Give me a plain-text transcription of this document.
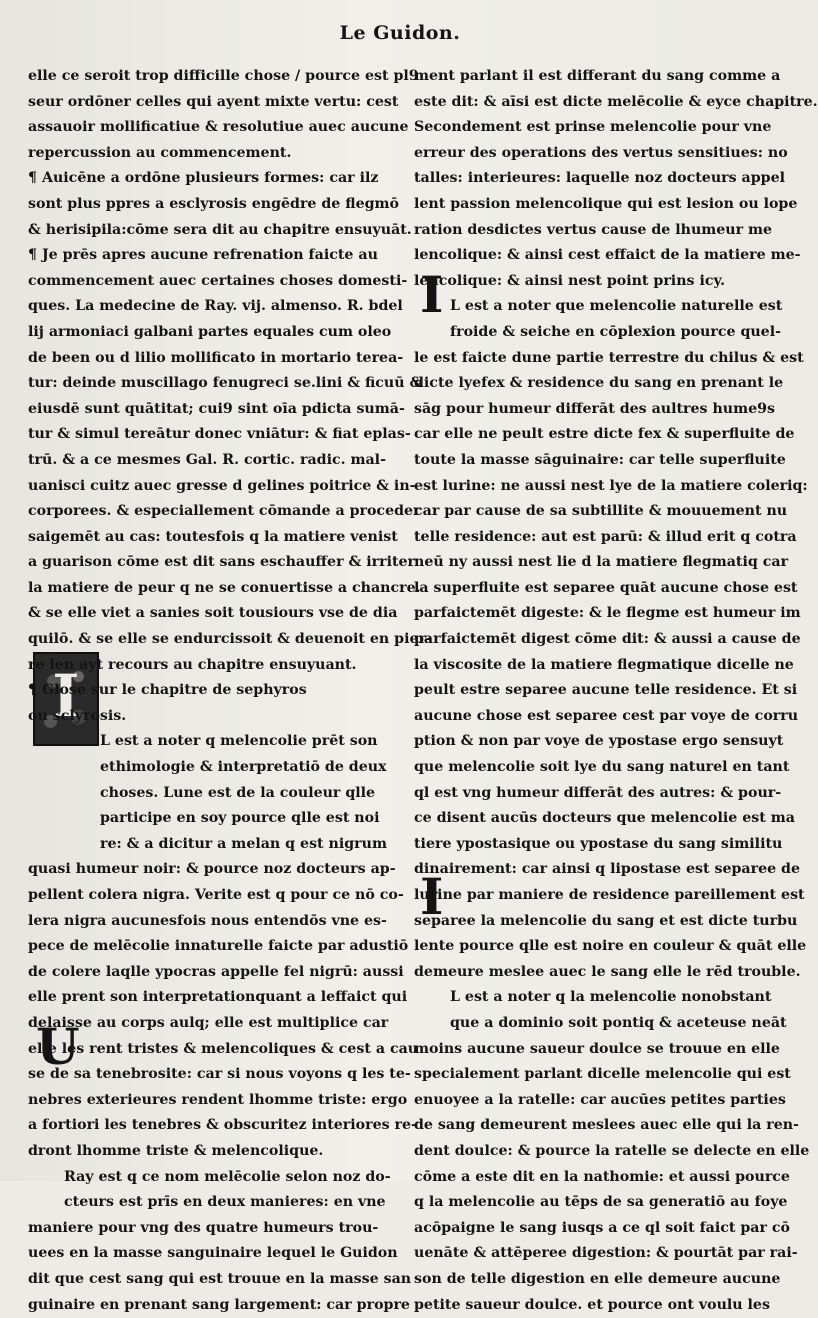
Le Guidon.
I
U
I
I
elle ce seroit trop difficille chose / pource est pl9
seur ordōner celles qui ayent mixte vertu: cest
assauoir mollificatiue & resolutiue auec aucune
repercussion au commencement.
¶ Auicēne a ordōne plusieurs formes: car ilz
sont plus ppres a esclyrosis engēdre de flegmō
& herisipila:cōme sera dit au chapitre ensuyuāt.
¶ Je prēs apres aucune refrenation faicte au
commencement auec certaines choses domesti-
ques. La medecine de Ray. vij. almenso. R. bdel
lij armoniaci galbani partes equales cum oleo
de been ou d lilio mollificato in mortario terea-
tur: deinde muscillago fenugreci se.lini & ficuū &
eiusdē sunt quātitat; cui9 sint oīa pdicta sumā-
tur & simul tereātur donec vniātur: & fiat eplas-
trū. & a ce mesmes Gal. R. cortic. radic. mal-
uanisci cuitz auec gresse d gelines poitrice & in-
corporees. & especiallement cōmande a proceder
saigemēt au cas: toutesfois q la matiere venist
a guarison cōme est dit sans eschauffer & irriter
la matiere de peur q ne se conuertisse a chancre.
& se elle viet a sanies soit tousiours vse de dia
quilō. & se elle se endurcissoit & deuenoit en pier-
re len ayt recours au chapitre ensuyuant.
¶ Glose sur le chapitre de sephyros
ou sclyrosis.
L est a noter q melencolie prēt son
ethimologie & interpretatiō de deux
choses. Lune est de la couleur qlle
participe en soy pource qlle est noi
re: & a dicitur a melan q est nigrum
quasi humeur noir: & pource noz docteurs ap-
pellent colera nigra. Verite est q pour ce nō co-
lera nigra aucunesfois nous entendōs vne es-
pece de melēcolie innaturelle faicte par adustiō
de colere laqlle ypocras appelle fel nigrū: aussi
elle prent son interpretationquant a leffaict qui
delaisse au corps aulq; elle est multiplice car
elle les rent tristes & melencoliques & cest a cau
se de sa tenebrosite: car si nous voyons q les te-
nebres exterieures rendent lhomme triste: ergo
a fortiori les tenebres & obscuritez interiores re-
dront lhomme triste & melencolique.
Ray est q ce nom melēcolie selon noz do-
cteurs est prīs en deux manieres: en vne
maniere pour vng des quatre humeurs trou-
uees en la masse sanguinaire lequel le Guidon
dit que cest sang qui est trouue en la masse san
guinaire en prenant sang largement: car propre
ment parlant il est differant du sang comme a
este dit: & aīsi est dicte melēcolie & eyce chapitre.
Secondement est prinse melencolie pour vne
erreur des operations des vertus sensitiues: no
talles: interieures: laquelle noz docteurs appel
lent passion melencolique qui est lesion ou lope
ration desdictes vertus cause de lhumeur me
lencolique: & ainsi cest effaict de la matiere me-
lencolique: & ainsi nest point prins icy.
L est a noter que melencolie naturelle est
froide & seiche en cōplexion pource quel-
le est faicte dune partie terrestre du chilus & est
dicte lyefex & residence du sang en prenant le
sāg pour humeur differāt des aultres hume9s
car elle ne peult estre dicte fex & superfluite de
toute la masse sāguinaire: car telle superfluite
est lurine: ne aussi nest lye de la matiere coleriq:
car par cause de sa subtillite & mouuement nu
telle residence: aut est parū: & illud erit q cotra
neū ny aussi nest lie d la matiere flegmatiq car
la superfluite est separee quāt aucune chose est
parfaictemēt digeste: & le flegme est humeur im
parfaictemēt digest cōme dit: & aussi a cause de
la viscosite de la matiere flegmatique dicelle ne
peult estre separee aucune telle residence. Et si
aucune chose est separee cest par voye de corru
ption & non par voye de ypostase ergo sensuyt
que melencolie soit lye du sang naturel en tant
ql est vng humeur differāt des autres: & pour-
ce disent aucūs docteurs que melencolie est ma
tiere ypostasique ou ypostase du sang similitu
dinairement: car ainsi q lipostase est separee de
lurine par maniere de residence pareillement est
separee la melencolie du sang et est dicte turbu
lente pource qlle est noire en couleur & quāt elle
demeure meslee auec le sang elle le rēd trouble.
L est a noter q la melencolie nonobstant
que a dominio soit pontiq & aceteuse neāt
moins aucune saueur doulce se trouue en elle
specialement parlant dicelle melencolie qui est
enuoyee a la ratelle: car aucūes petites parties
de sang demeurent meslees auec elle qui la ren-
dent doulce: & pource la ratelle se delecte en elle
cōme a este dit en la nathomie: et aussi pource
q la melencolie au tēps de sa generatiō au foye
acōpaigne le sang iusqs a ce ql soit faict par cō
uenāte & attēperee digestion: & pourtāt par rai-
son de telle digestion en elle demeure aucune
petite saueur doulce. et pource ont voulu les
